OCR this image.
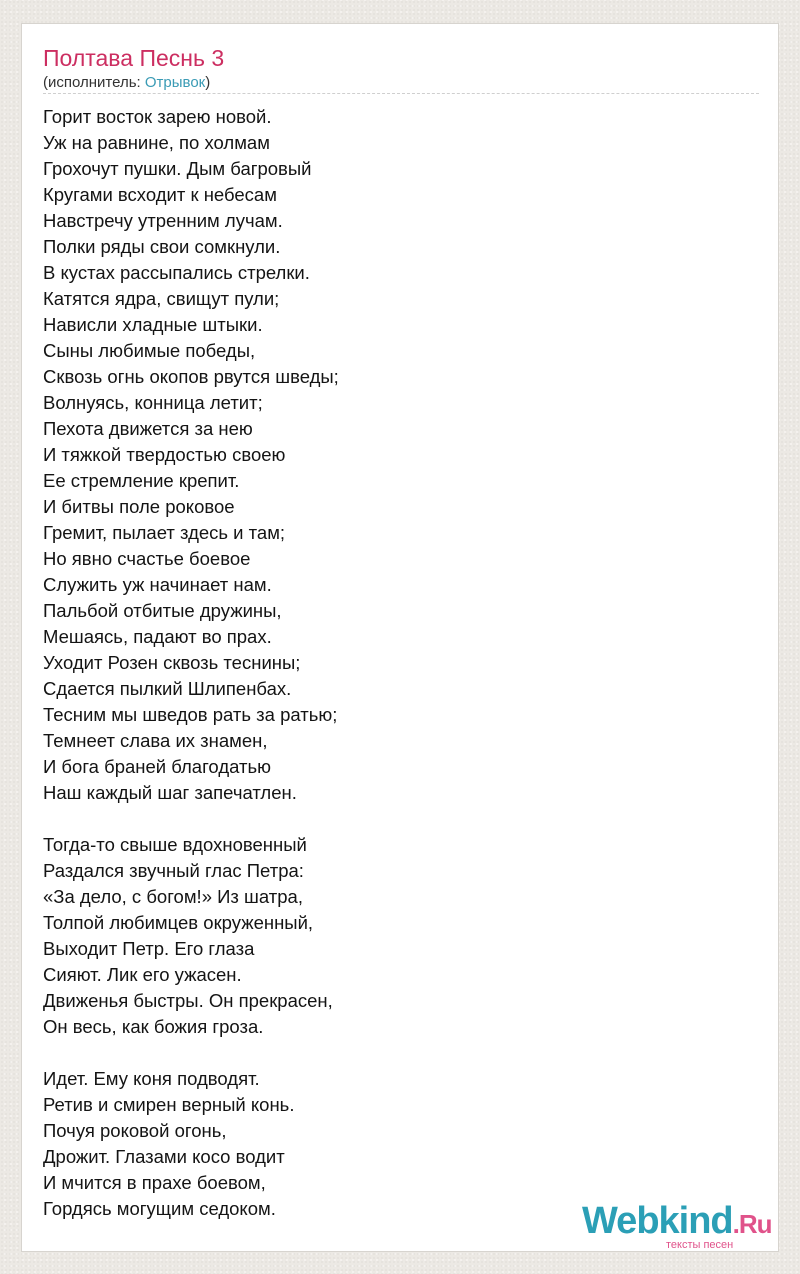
Полтава Песнь 3
(исполнитель: Отрывок)
Горит восток зарею новой.
Уж на равнине, по холмам
Грохочут пушки. Дым багровый
Кругами всходит к небесам
Навстречу утренним лучам.
Полки ряды свои сомкнули.
В кустах рассыпались стрелки.
Катятся ядра, свищут пули;
Нависли хладные штыки.
Сыны любимые победы,
Сквозь огнь окопов рвутся шведы;
Волнуясь, конница летит;
Пехота движется за нею
И тяжкой твердостью своею
Ее стремление крепит.
И битвы поле роковое
Гремит, пылает здесь и там;
Но явно счастье боевое
Служить уж начинает нам.
Пальбой отбитые дружины,
Мешаясь, падают во прах.
Уходит Розен сквозь теснины;
Сдается пылкий Шлипенбах.
Тесним мы шведов рать за ратью;
Темнеет слава их знамен,
И бога браней благодатью
Наш каждый шаг запечатлен.
Тогда-то свыше вдохновенный
Раздался звучный глас Петра:
«За дело, с богом!» Из шатра,
Толпой любимцев окруженный,
Выходит Петр. Его глаза
Сияют. Лик его ужасен.
Движенья быстры. Он прекрасен,
Он весь, как божия гроза.
Идет. Ему коня подводят.
Ретив и смирен верный конь.
Почуя роковой огонь,
Дрожит. Глазами косо водит
И мчится в прахе боевом,
Гордясь могущим седоком.	Webkind.Ru
тексты песен
